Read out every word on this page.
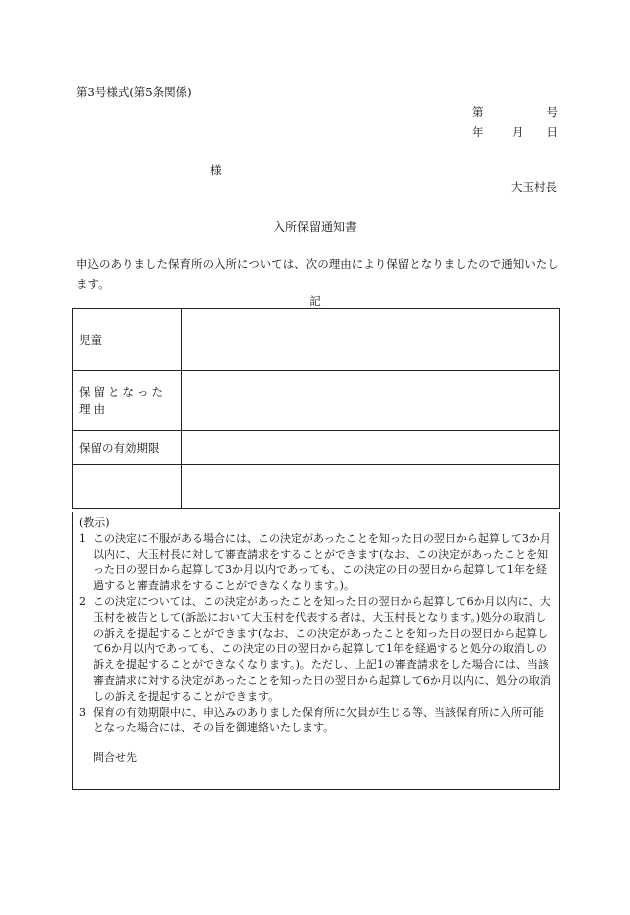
第3号様式(第5条関係)
第	号
年 月 日
様
大玉村長
入所保留通知書
申込のありました保育所の入所については、次の理由により保留となりましたので通知いたします。
記
児童	
保留となった理由	
保留の有効期限	

(教示)
1 この決定に不服がある場合には、この決定があったことを知った日の翌日から起算して3か月以内に、大玉村長に対して審査請求をすることができます(なお、この決定があったことを知った日の翌日から起算して3か月以内であっても、この決定の日の翌日から起算して1年を経過すると審査請求をすることができなくなります。)。
2 この決定については、この決定があったことを知った日の翌日から起算して6か月以内に、大玉村を被告として(訴訟において大玉村を代表する者は、大玉村長となります。)処分の取消しの訴えを提起することができます(なお、この決定があったことを知った日の翌日から起算して6か月以内であっても、この決定の日の翌日から起算して1年を経過すると処分の取消しの訴えを提起することができなくなります。)。ただし、上記1の審査請求をした場合には、当該審査請求に対する決定があったことを知った日の翌日から起算して6か月以内に、処分の取消しの訴えを提起することができます。
3 保育の有効期限中に、申込みのありました保育所に欠員が生じる等、当該保育所に入所可能となった場合には、その旨を御連絡いたします。
問合せ先
